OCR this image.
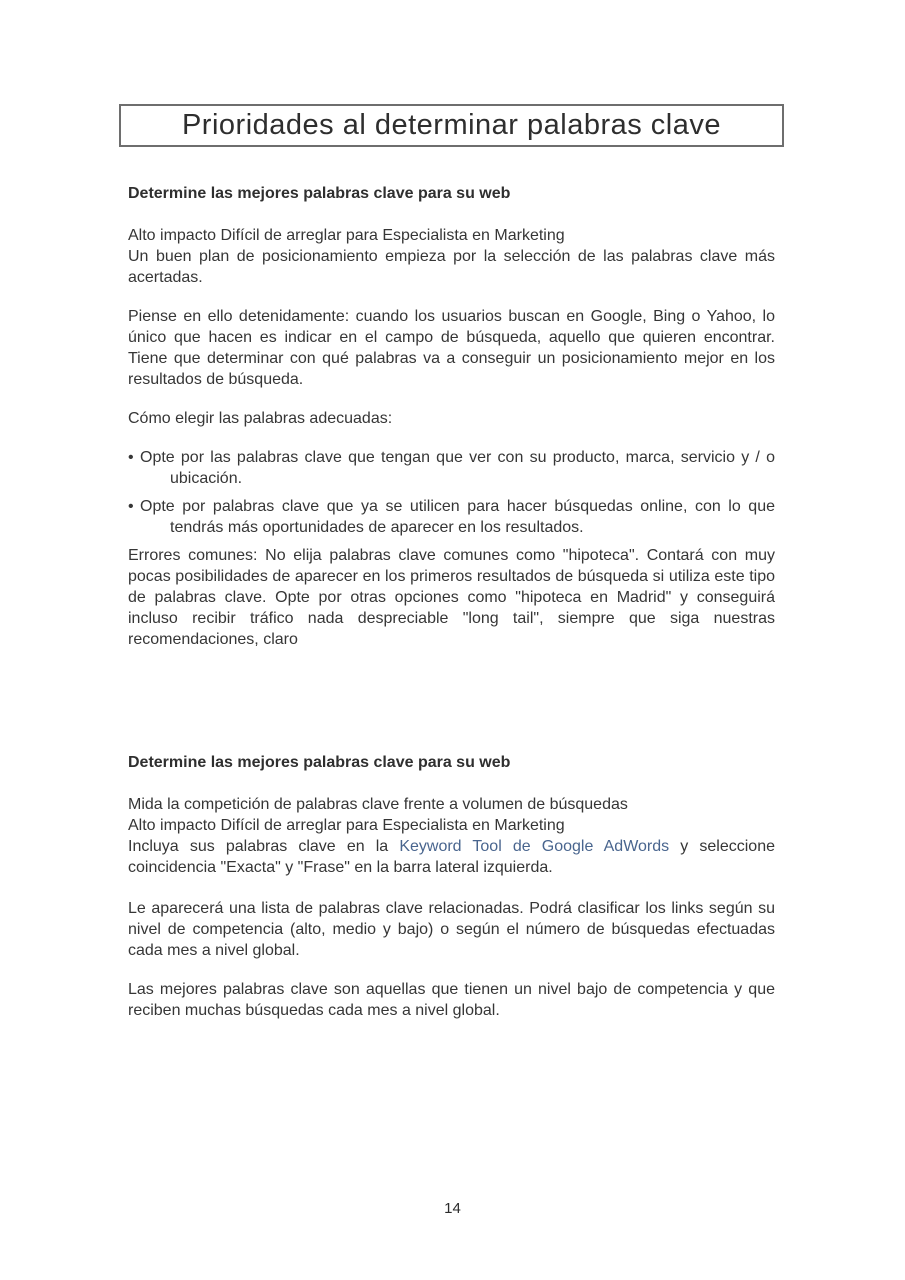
Prioridades al determinar palabras clave
Determine las mejores palabras clave para su web

Alto impacto Difícil de arreglar para Especialista en Marketing
Un buen plan de posicionamiento empieza por la selección de las palabras clave más acertadas.

Piense en ello detenidamente: cuando los usuarios buscan en Google, Bing o Yahoo, lo único que hacen es indicar en el campo de búsqueda, aquello que quieren encontrar. Tiene que determinar con qué palabras va a conseguir un posicionamiento mejor en los resultados de búsqueda.

Cómo elegir las palabras adecuadas:

• Opte por las palabras clave que tengan que ver con su producto, marca, servicio y / o ubicación.
• Opte por palabras clave que ya se utilicen para hacer búsquedas online, con lo que tendrás más oportunidades de aparecer en los resultados.

Errores comunes: No elija palabras clave comunes como "hipoteca". Contará con muy pocas posibilidades de aparecer en los primeros resultados de búsqueda si utiliza este tipo de palabras clave. Opte por otras opciones como "hipoteca en Madrid" y conseguirá incluso recibir tráfico nada despreciable "long tail", siempre que siga nuestras recomendaciones, claro

Determine las mejores palabras clave para su web

Mida la competición de palabras clave frente a volumen de búsquedas
Alto impacto Difícil de arreglar para Especialista en Marketing
Incluya sus palabras clave en la Keyword Tool de Google AdWords y seleccione coincidencia "Exacta" y "Frase" en la barra lateral izquierda.

Le aparecerá una lista de palabras clave relacionadas. Podrá clasificar los links según su nivel de competencia (alto, medio y bajo) o según el número de búsquedas efectuadas cada mes a nivel global.

Las mejores palabras clave son aquellas que tienen un nivel bajo de competencia y que reciben muchas búsquedas cada mes a nivel global.

14
